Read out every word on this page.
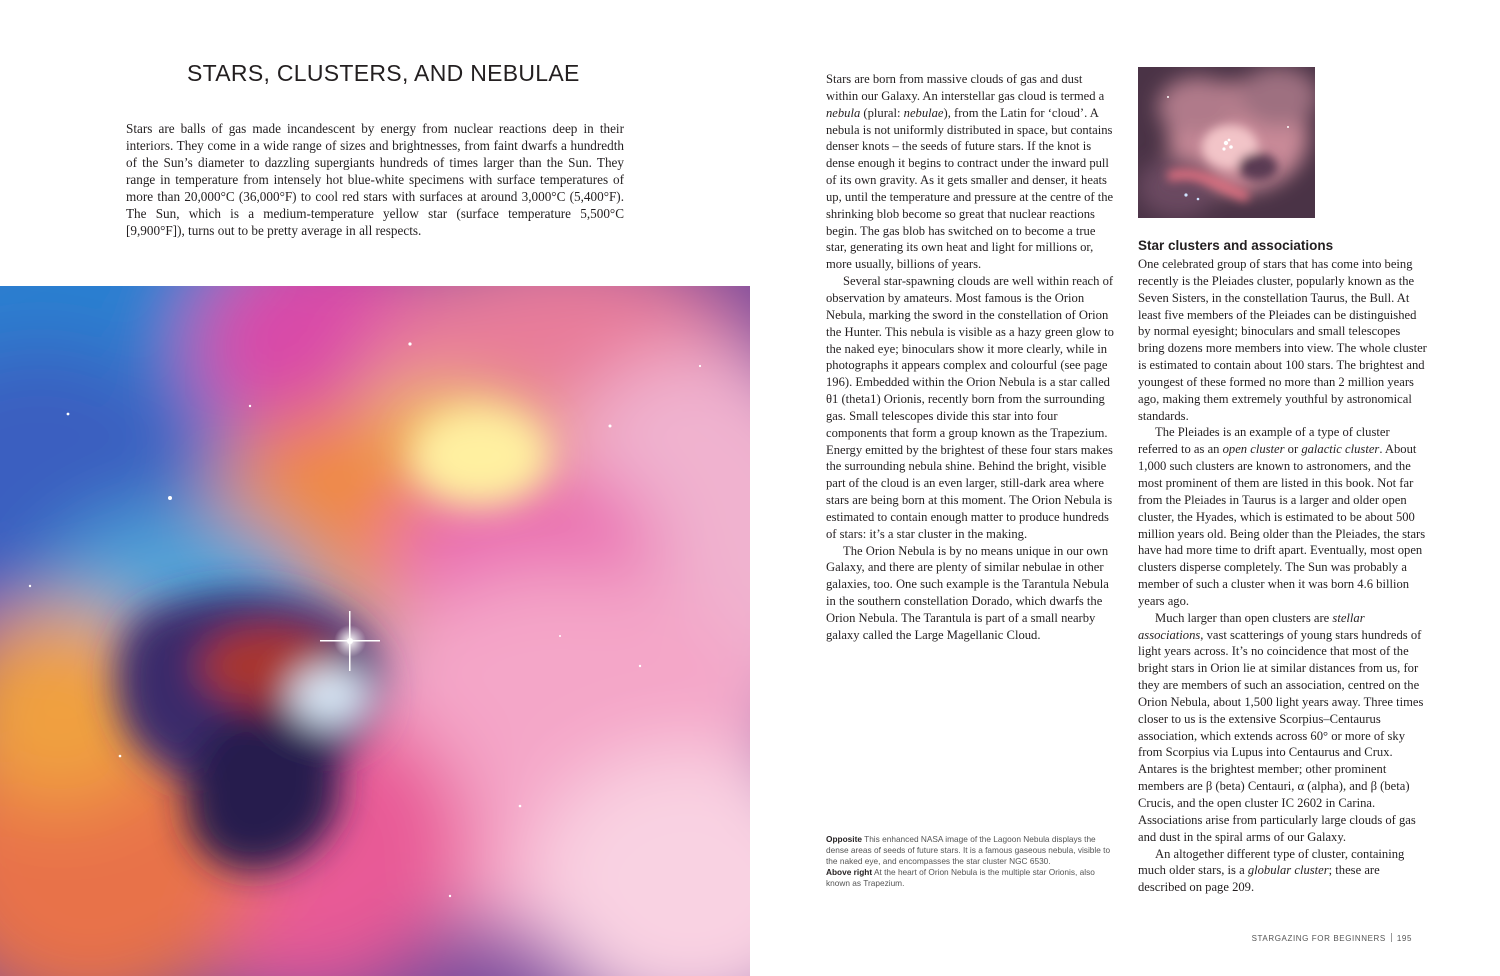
STARS, CLUSTERS, AND NEBULAE

Stars are balls of gas made incandescent by energy from nuclear reactions deep in their interiors. They come in a wide range of sizes and brightnesses, from faint dwarfs a hundredth of the Sun’s diameter to dazzling supergiants hundreds of times larger than the Sun. They range in temperature from intensely hot blue-white specimens with surface temperatures of more than 20,000°C (36,000°F) to cool red stars with surfaces at around 3,000°C (5,400°F). The Sun, which is a medium-temperature yellow star (surface temperature 5,500°C [9,900°F]), turns out to be pretty average in all respects.

Stars are born from massive clouds of gas and dust within our Galaxy. An interstellar gas cloud is termed a nebula (plural: nebulae), from the Latin for ‘cloud’. A nebula is not uniformly distributed in space, but contains denser knots – the seeds of future stars. If the knot is dense enough it begins to contract under the inward pull of its own gravity. As it gets smaller and denser, it heats up, until the temperature and pressure at the centre of the shrinking blob become so great that nuclear reactions begin. The gas blob has switched on to become a true star, generating its own heat and light for millions or, more usually, billions of years.

Several star-spawning clouds are well within reach of observation by amateurs. Most famous is the Orion Nebula, marking the sword in the constellation of Orion the Hunter. This nebula is visible as a hazy green glow to the naked eye; binoculars show it more clearly, while in photographs it appears complex and colourful (see page 196). Embedded within the Orion Nebula is a star called θ1 (theta1) Orionis, recently born from the surrounding gas. Small telescopes divide this star into four components that form a group known as the Trapezium. Energy emitted by the brightest of these four stars makes the surrounding nebula shine. Behind the bright, visible part of the cloud is an even larger, still-dark area where stars are being born at this moment. The Orion Nebula is estimated to contain enough matter to produce hundreds of stars: it’s a star cluster in the making.

The Orion Nebula is by no means unique in our own Galaxy, and there are plenty of similar nebulae in other galaxies, too. One such example is the Tarantula Nebula in the southern constellation Dorado, which dwarfs the Orion Nebula. The Tarantula is part of a small nearby galaxy called the Large Magellanic Cloud.

Star clusters and associations

One celebrated group of stars that has come into being recently is the Pleiades cluster, popularly known as the Seven Sisters, in the constellation Taurus, the Bull. At least five members of the Pleiades can be distinguished by normal eyesight; binoculars and small telescopes bring dozens more members into view. The whole cluster is estimated to contain about 100 stars. The brightest and youngest of these formed no more than 2 million years ago, making them extremely youthful by astronomical standards.

The Pleiades is an example of a type of cluster referred to as an open cluster or galactic cluster. About 1,000 such clusters are known to astronomers, and the most prominent of them are listed in this book. Not far from the Pleiades in Taurus is a larger and older open cluster, the Hyades, which is estimated to be about 500 million years old. Being older than the Pleiades, the stars have had more time to drift apart. Eventually, most open clusters disperse completely. The Sun was probably a member of such a cluster when it was born 4.6 billion years ago.

Much larger than open clusters are stellar associations, vast scatterings of young stars hundreds of light years across. It’s no coincidence that most of the bright stars in Orion lie at similar distances from us, for they are members of such an association, centred on the Orion Nebula, about 1,500 light years away. Three times closer to us is the extensive Scorpius–Centaurus association, which extends across 60° or more of sky from Scorpius via Lupus into Centaurus and Crux. Antares is the brightest member; other prominent members are β (beta) Centauri, α (alpha), and β (beta) Crucis, and the open cluster IC 2602 in Carina. Associations arise from particularly large clouds of gas and dust in the spiral arms of our Galaxy.

An altogether different type of cluster, containing much older stars, is a globular cluster; these are described on page 209.

Opposite This enhanced NASA image of the Lagoon Nebula displays the dense areas of seeds of future stars. It is a famous gaseous nebula, visible to the naked eye, and encompasses the star cluster NGC 6530.
Above right At the heart of Orion Nebula is the multiple star Orionis, also known as Trapezium.
STARGAZING FOR BEGINNERS 195
